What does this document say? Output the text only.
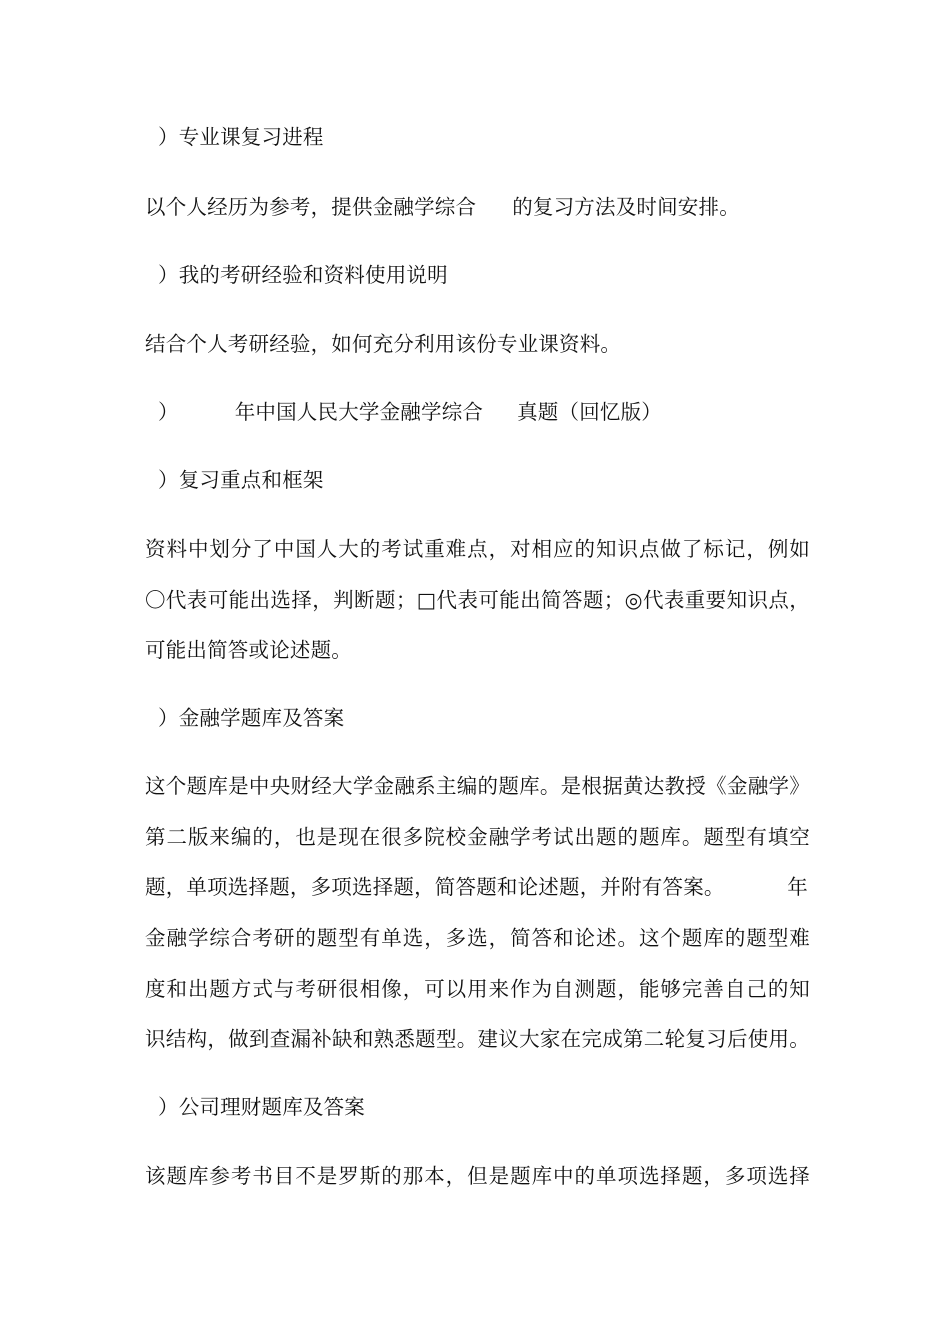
）专业课复习进程
以个人经历为参考，提供金融学综合 的复习方法及时间安排。
）我的考研经验和资料使用说明
结合个人考研经验，如何充分利用该份专业课资料。
）	年中国人民大学金融学综合 真题（回忆版）
）复习重点和框架
资料中划分了中国人大的考试重难点，对相应的知识点做了标记，例如
〇代表可能出选择，判断题；□代表可能出简答题；◎代表重要知识点，
可能出简答或论述题。
）金融学题库及答案
这个题库是中央财经大学金融系主编的题库。是根据黄达教授《金融学》
第二版来编的，也是现在很多院校金融学考试出题的题库。题型有填空
题，单项选择题，多项选择题，简答题和论述题，并附有答案。	年
金融学综合考研的题型有单选，多选，简答和论述。这个题库的题型难
度和出题方式与考研很相像，可以用来作为自测题，能够完善自己的知
识结构，做到查漏补缺和熟悉题型。建议大家在完成第二轮复习后使用。
）公司理财题库及答案
该题库参考书目不是罗斯的那本，但是题库中的单项选择题，多项选择
